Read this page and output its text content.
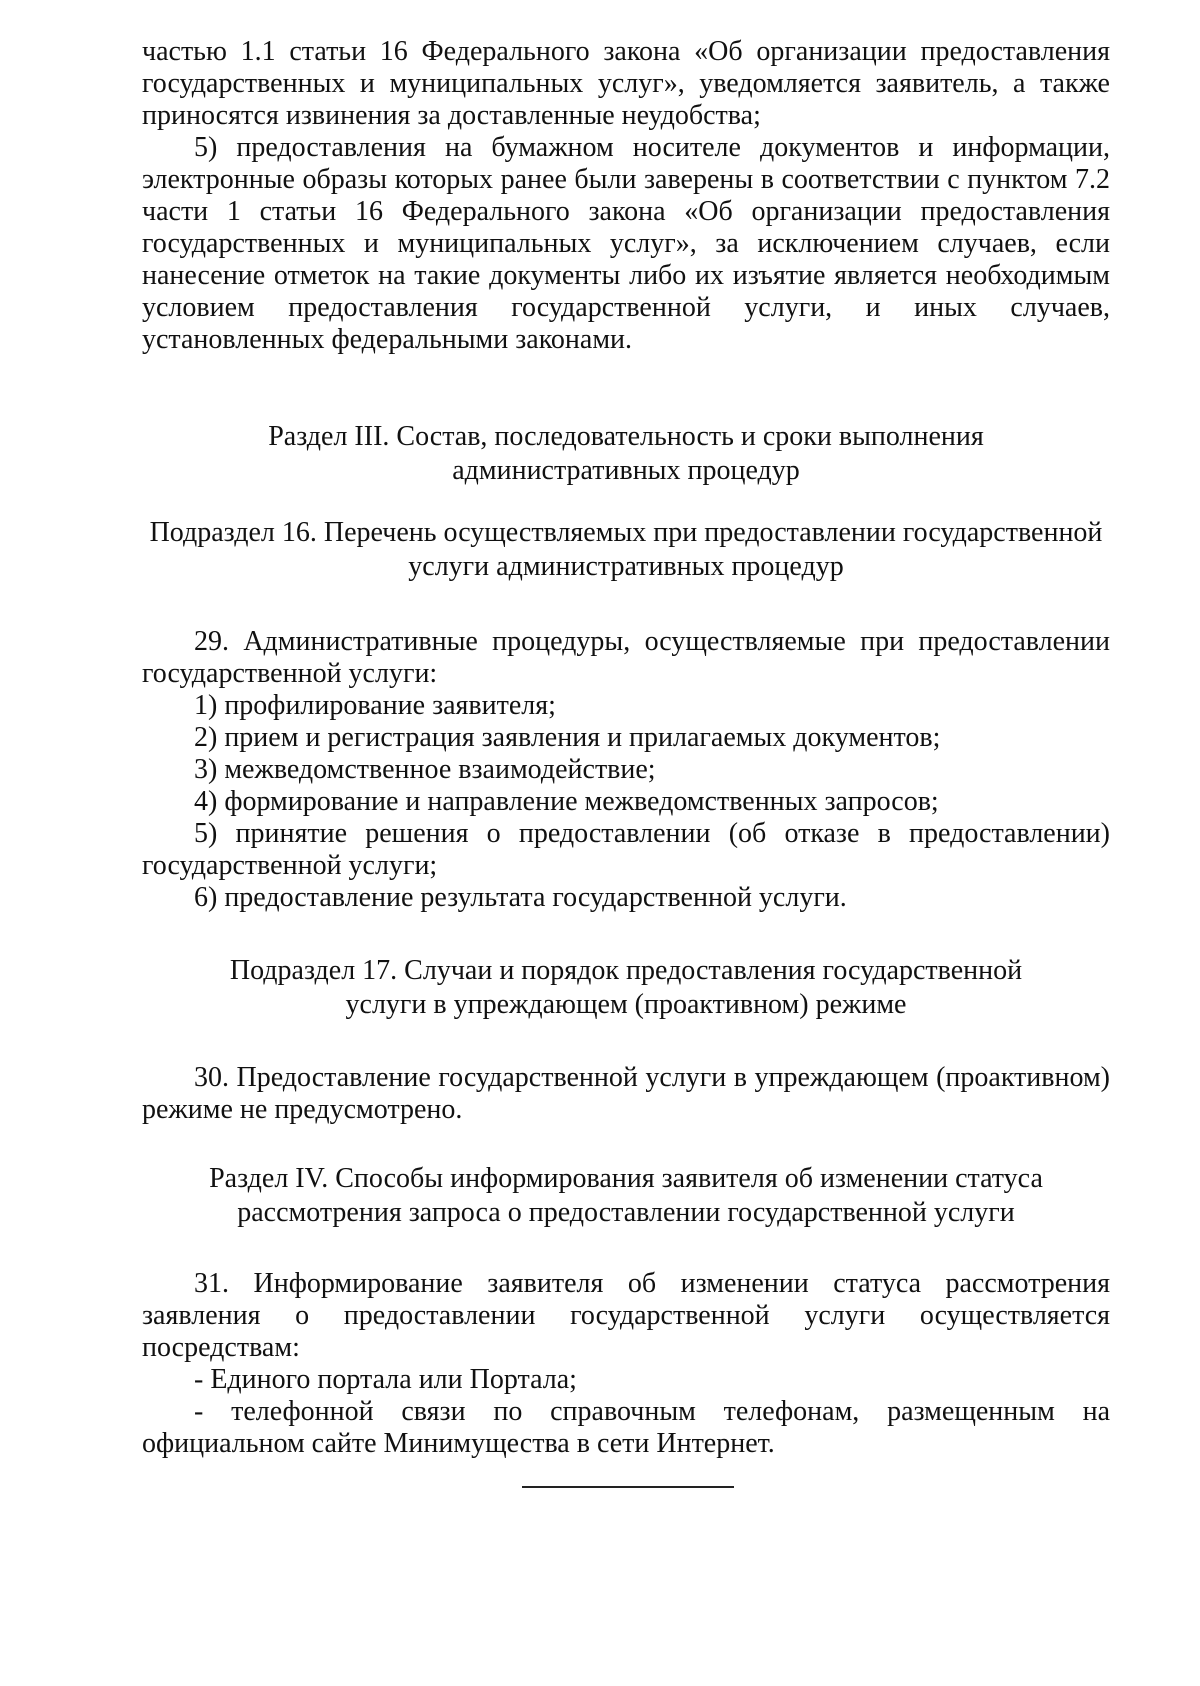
частью 1.1 статьи 16 Федерального закона «Об организации предоставления государственных и муниципальных услуг», уведомляется заявитель, а также приносятся извинения за доставленные неудобства;

5) предоставления на бумажном носителе документов и информации, электронные образы которых ранее были заверены в соответствии с пунктом 7.2 части 1 статьи 16 Федерального закона «Об организации предоставления государственных и муниципальных услуг», за исключением случаев, если нанесение отметок на такие документы либо их изъятие является необходимым условием предоставления государственной услуги, и иных случаев, установленных федеральными законами.

Раздел III. Состав, последовательность и сроки выполнения
административных процедур
Подраздел 16. Перечень осуществляемых при предоставлении государственной
услуги административных процедур

29. Административные процедуры, осуществляемые при предоставлении государственной услуги:

1) профилирование заявителя;

2) прием и регистрация заявления и прилагаемых документов;

3) межведомственное взаимодействие;

4) формирование и направление межведомственных запросов;

5) принятие решения о предоставлении (об отказе в предоставлении) государственной услуги;

6) предоставление результата государственной услуги.

Подраздел 17. Случаи и порядок предоставления государственной
услуги в упреждающем (проактивном) режиме

30. Предоставление государственной услуги в упреждающем (проактивном) режиме не предусмотрено.

Раздел IV. Способы информирования заявителя об изменении статуса
рассмотрения запроса о предоставлении государственной услуги

31. Информирование заявителя об изменении статуса рассмотрения заявления о предоставлении государственной услуги осуществляется посредствам:

- Единого портала или Портала;

- телефонной связи по справочным телефонам, размещенным на официальном сайте Минимущества в сети Интернет.
